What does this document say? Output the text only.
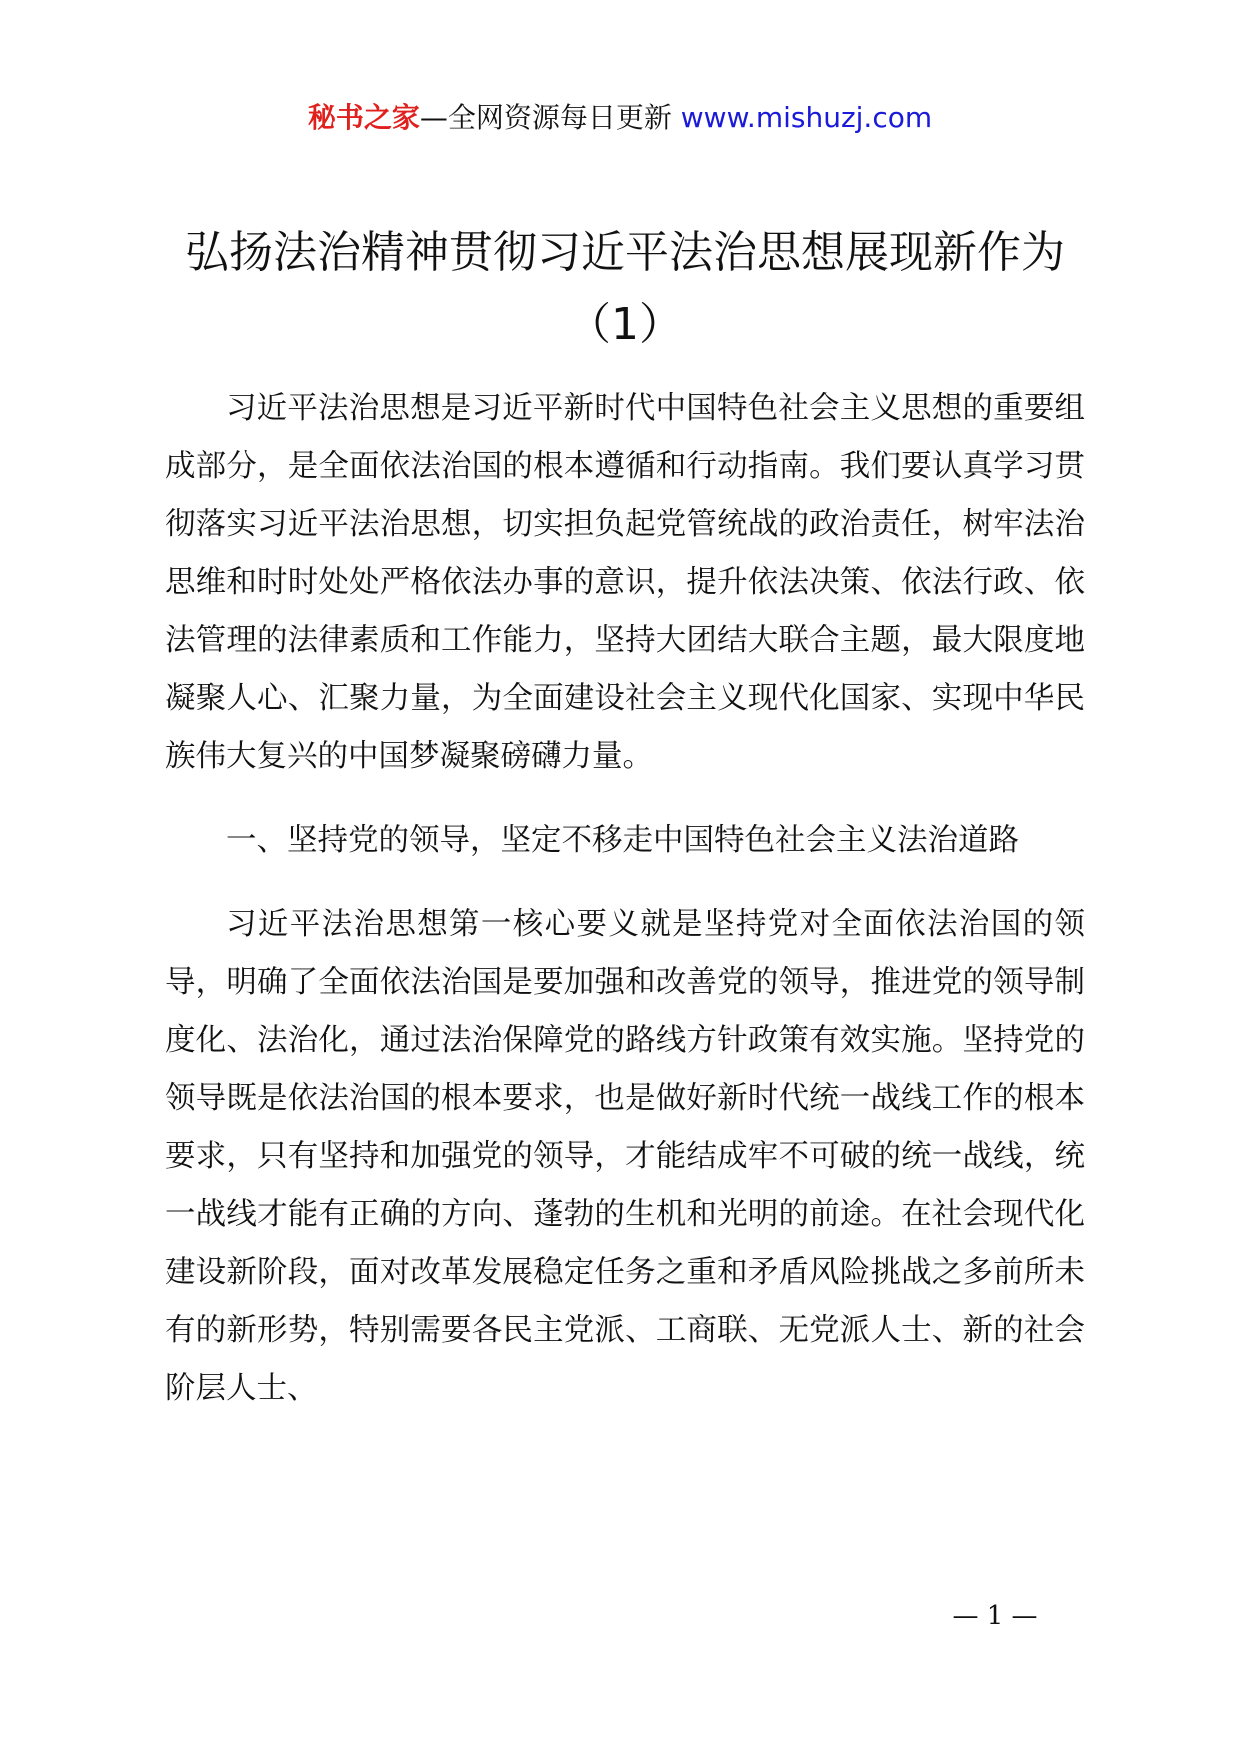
秘书之家—全网资源每日更新 www.mishuzj.com
弘扬法治精神贯彻习近平法治思想展现新作为
（1）

习近平法治思想是习近平新时代中国特色社会主义思想的重要组成部分，是全面依法治国的根本遵循和行动指南。我们要认真学习贯彻落实习近平法治思想，切实担负起党管统战的政治责任，树牢法治思维和时时处处严格依法办事的意识，提升依法决策、依法行政、依法管理的法律素质和工作能力，坚持大团结大联合主题，最大限度地凝聚人心、汇聚力量，为全面建设社会主义现代化国家、实现中华民族伟大复兴的中国梦凝聚磅礴力量。

一、坚持党的领导，坚定不移走中国特色社会主义法治道路

习近平法治思想第一核心要义就是坚持党对全面依法治国的领导，明确了全面依法治国是要加强和改善党的领导，推进党的领导制度化、法治化，通过法治保障党的路线方针政策有效实施。坚持党的领导既是依法治国的根本要求，也是做好新时代统一战线工作的根本要求，只有坚持和加强党的领导，才能结成牢不可破的统一战线，统一战线才能有正确的方向、蓬勃的生机和光明的前途。在社会现代化建设新阶段，面对改革发展稳定任务之重和矛盾风险挑战之多前所未有的新形势，特别需要各民主党派、工商联、无党派人士、新的社会阶层人士、

— 1 —
